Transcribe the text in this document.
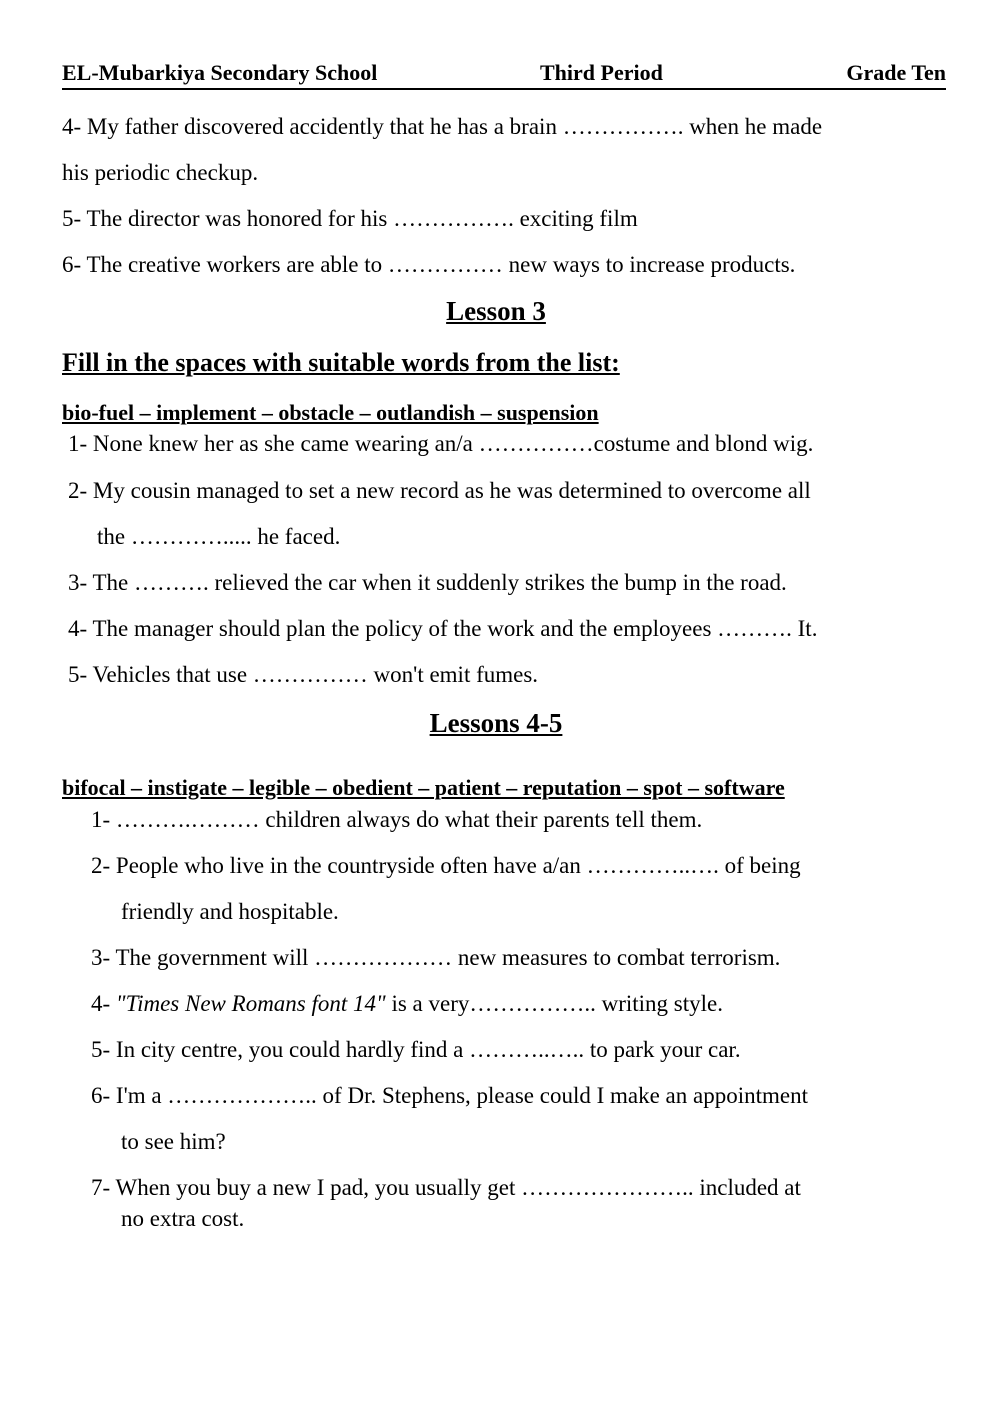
EL-Mubarkiya Secondary School	Third Period	Grade Ten
4- My father discovered accidently that he has a brain ……………. when he made
his periodic checkup.
5- The director was honored for his ……………. exciting film
6- The creative workers are able to …………… new ways to increase products.
Lesson 3
Fill in the spaces with suitable words from the list:
bio-fuel – implement – obstacle – outlandish – suspension
1- None knew her as she came wearing an/a ……………costume and blond wig.
2- My cousin managed to set a new record as he was determined to overcome all
the …………..... he faced.
3- The ………. relieved the car when it suddenly strikes the bump in the road.
4- The manager should plan the policy of the work and the employees ………. It.
5- Vehicles that use …………… won't emit fumes.
Lessons 4-5
bifocal – instigate – legible – obedient – patient – reputation – spot – software
1- ……….……… children always do what their parents tell them.
2- People who live in the countryside often have a/an …………..…. of being
friendly and hospitable.
3- The government will ……………… new measures to combat terrorism.
4- "Times New Romans font 14" is a very…………….. writing style.
5- In city centre, you could hardly find a ………..….. to park your car.
6- I'm a ……………….. of Dr. Stephens, please could I make an appointment
to see him?
7- When you buy a new I pad, you usually get ………………….. included at
no extra cost.
